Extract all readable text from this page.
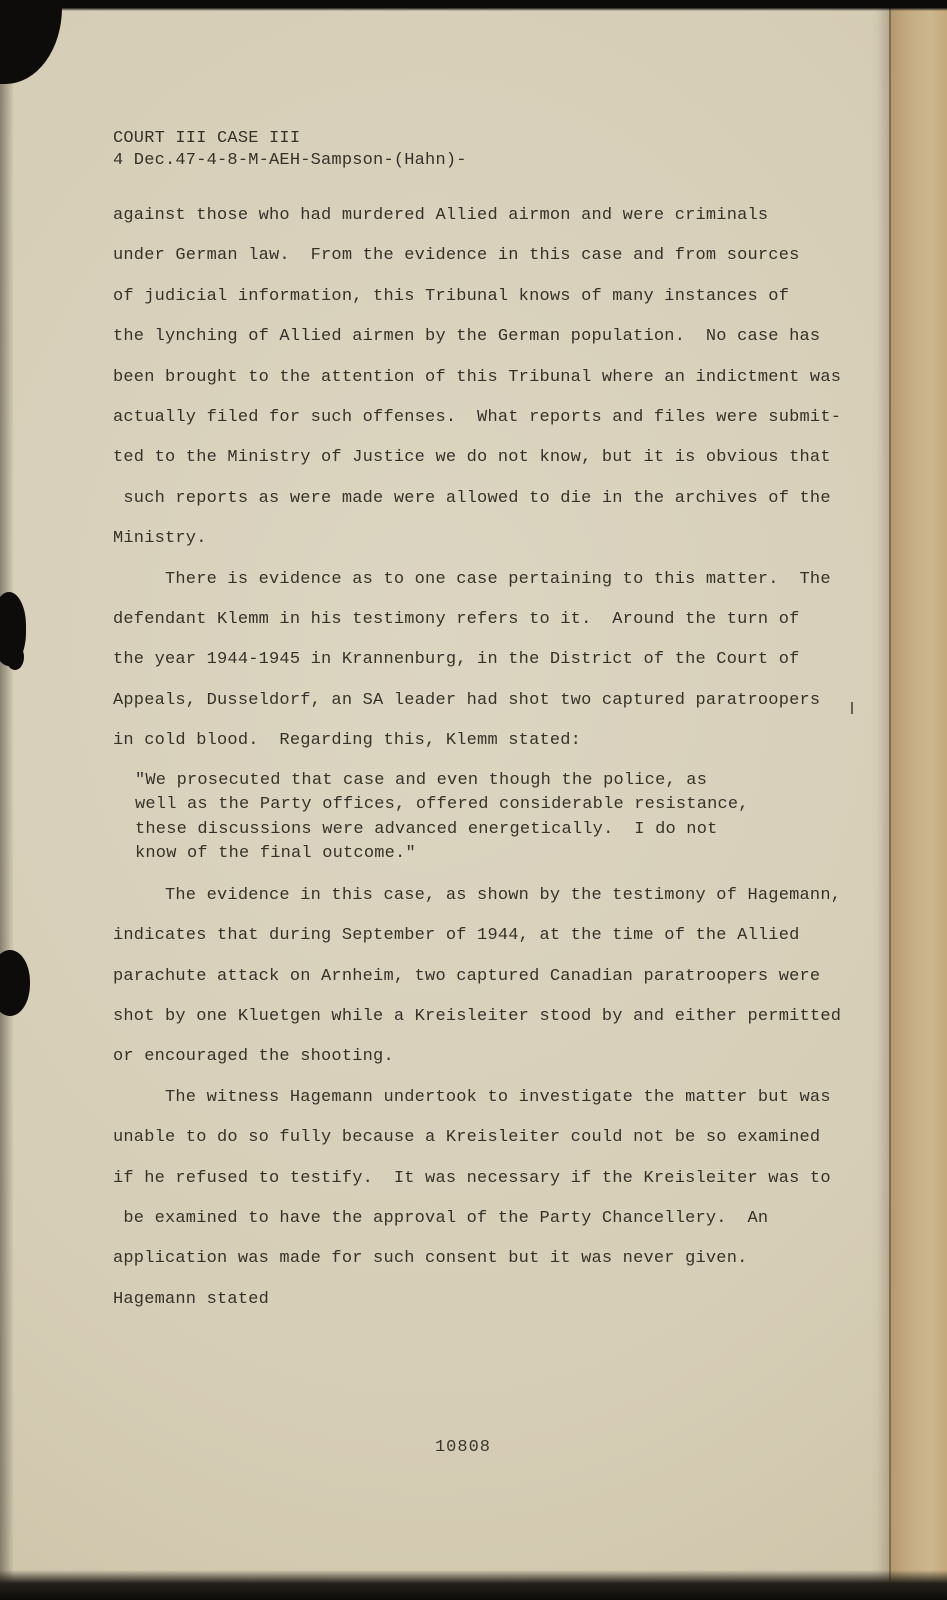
COURT III CASE III
4 Dec.47-4-8-M-AEH-Sampson-(Hahn)-
against those who had murdered Allied airmon and were criminals
under German law.  From the evidence in this case and from sources
of judicial information, this Tribunal knows of many instances of
the lynching of Allied airmen by the German population.  No case has
been brought to the attention of this Tribunal where an indictment was
actually filed for such offenses.  What reports and files were submit-
ted to the Ministry of Justice we do not know, but it is obvious that
such reports as were made were allowed to die in the archives of the
Ministry.
There is evidence as to one case pertaining to this matter.  The
defendant Klemm in his testimony refers to it.  Around the turn of
the year 1944-1945 in Krannenburg, in the District of the Court of
Appeals, Dusseldorf, an SA leader had shot two captured paratroopers
in cold blood.  Regarding this, Klemm stated:
"We prosecuted that case and even though the police, as
well as the Party offices, offered considerable resistance,
these discussions were advanced energetically.  I do not
know of the final outcome."
The evidence in this case, as shown by the testimony of Hagemann,
indicates that during September of 1944, at the time of the Allied
parachute attack on Arnheim, two captured Canadian paratroopers were
shot by one Kluetgen while a Kreisleiter stood by and either permitted
or encouraged the shooting.
The witness Hagemann undertook to investigate the matter but was
unable to do so fully because a Kreisleiter could not be so examined
if he refused to testify.  It was necessary if the Kreisleiter was to
be examined to have the approval of the Party Chancellery.  An
application was made for such consent but it was never given.
Hagemann stated
10808
